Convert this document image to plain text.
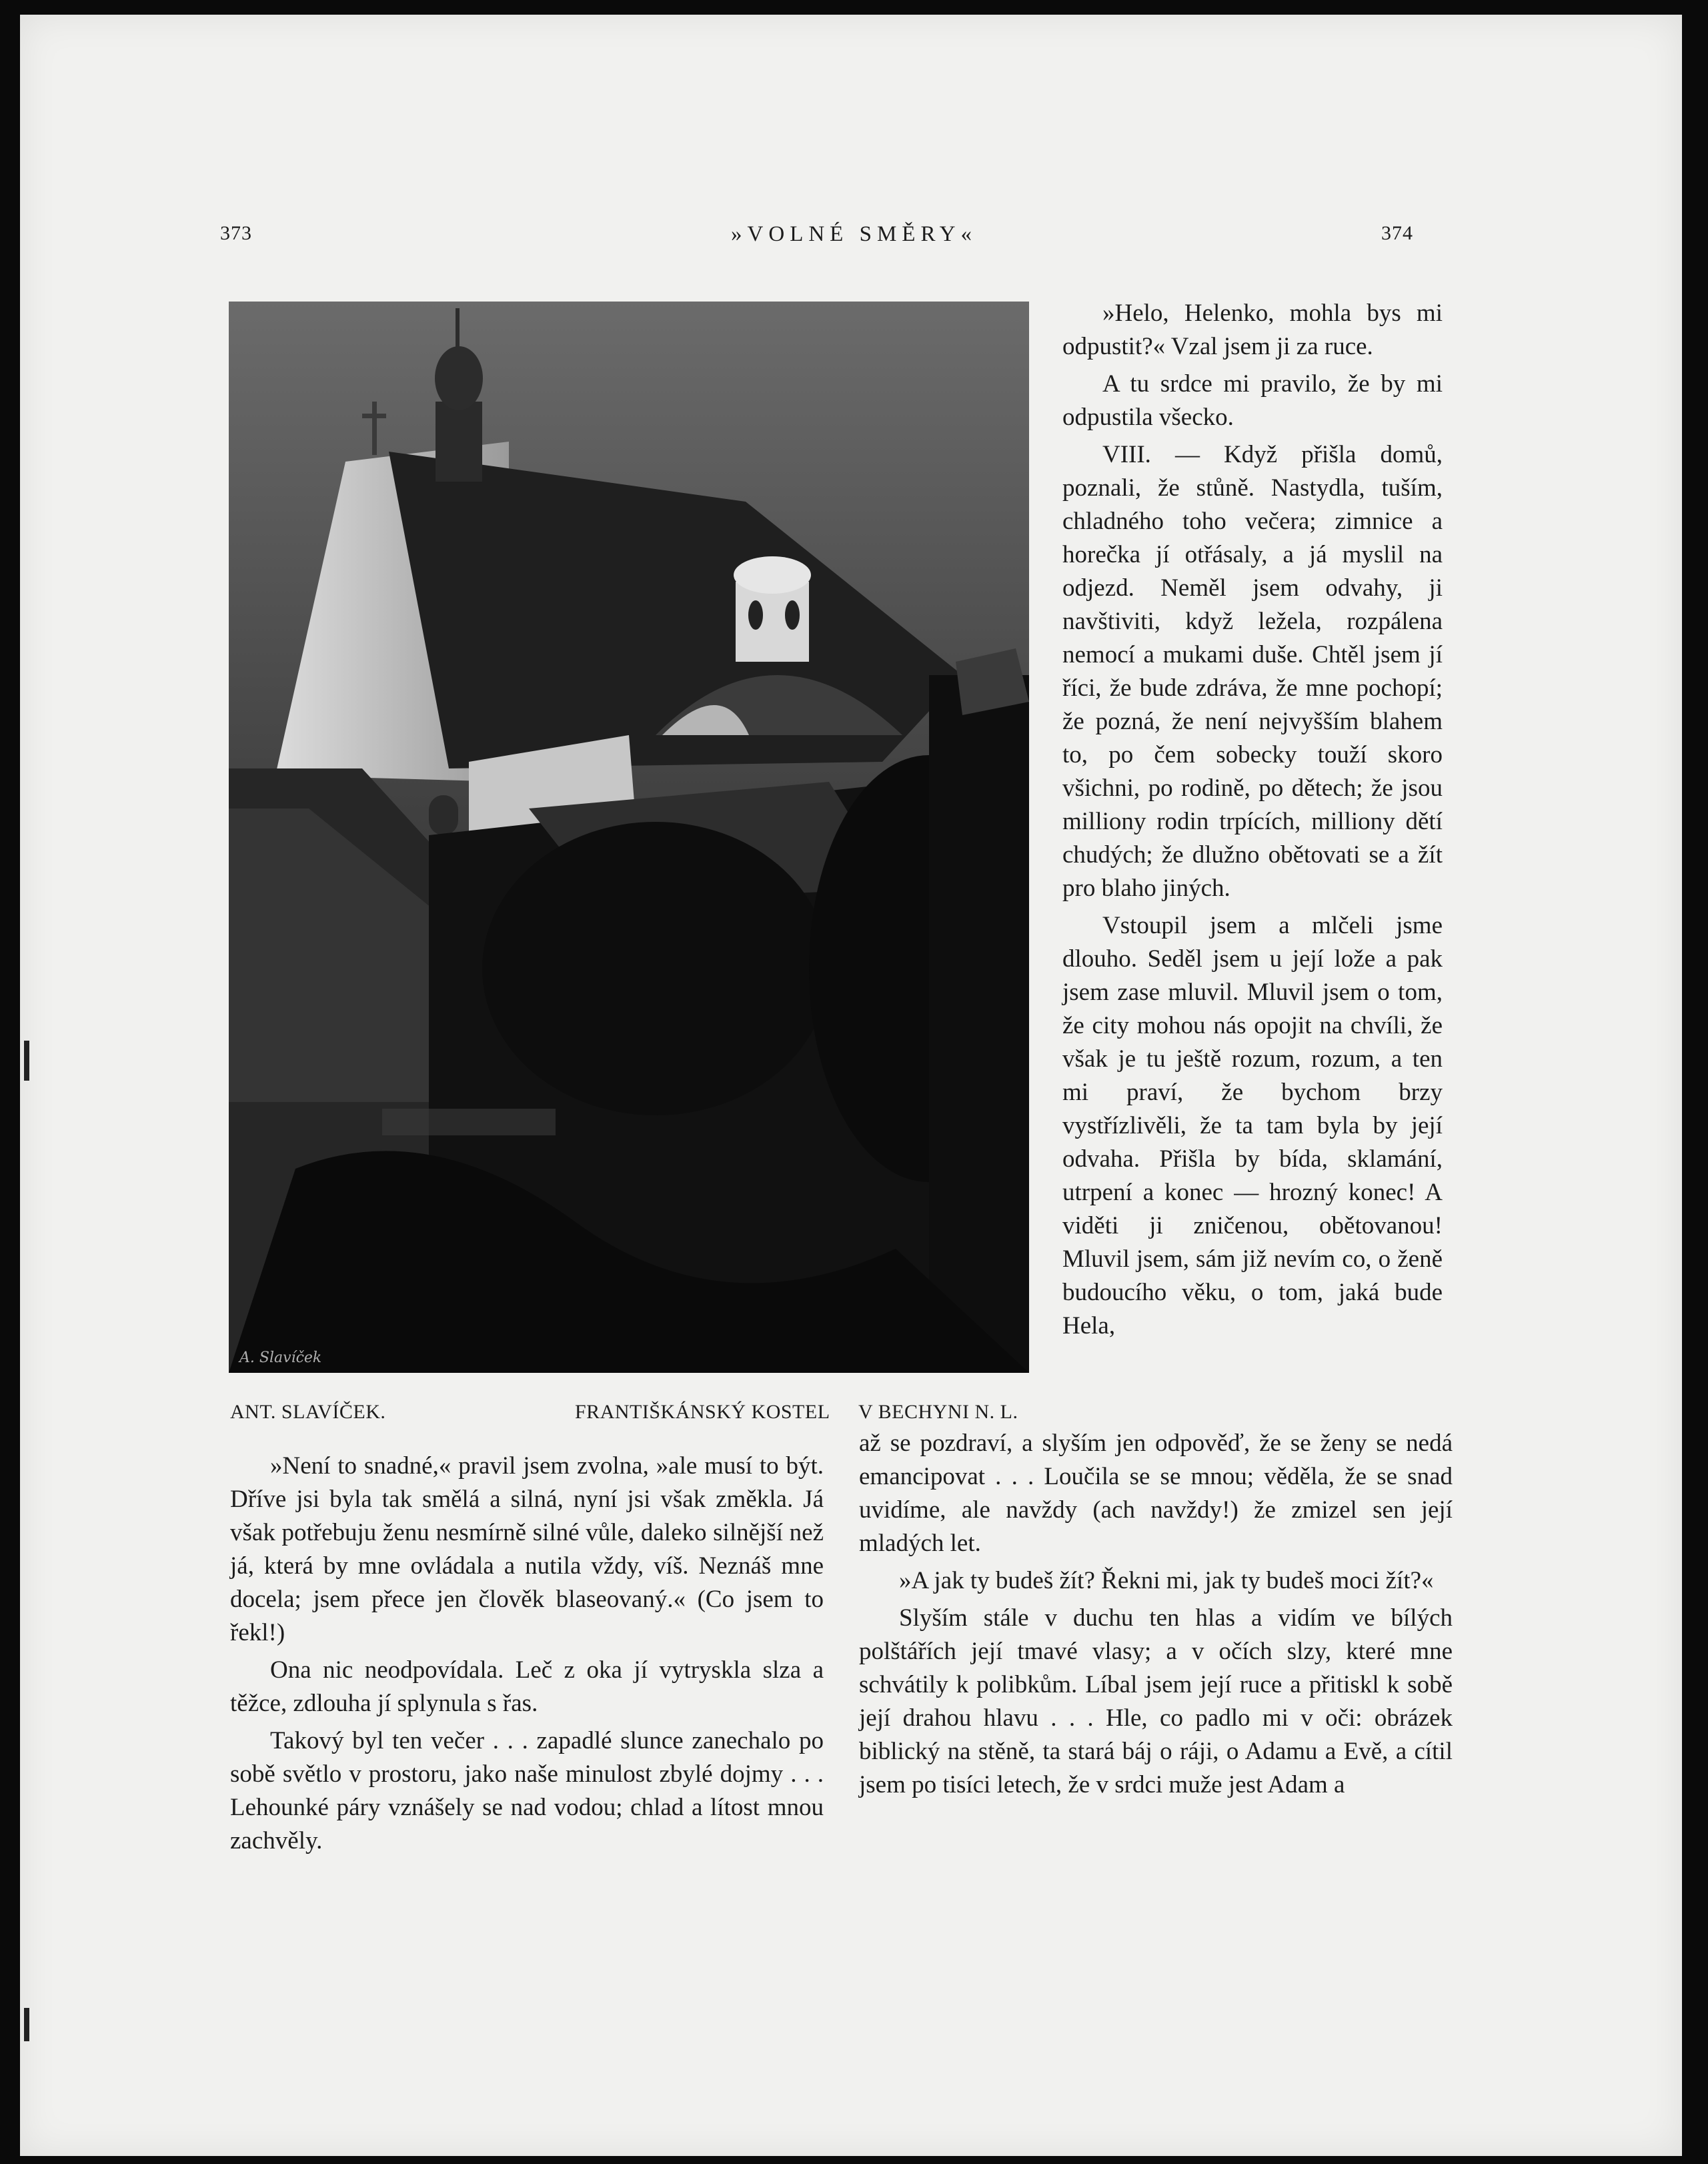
»VOLNÉ SMĚRY«
373	374
A. Slavíček
ANT. SLAVÍČEK.	FRANTIŠKÁNSKÝ KOSTEL V BECHYNI N. L.

»Helo, Helenko, mohla bys mi odpustit?« Vzal jsem ji za ruce.

A tu srdce mi pravilo, že by mi odpustila všecko.

VIII. — Když přišla domů, poznali, že stůně. Nastydla, tuším, chladného toho večera; zimnice a horečka jí otřásaly, a já myslil na odjezd. Neměl jsem odvahy, ji navštiviti, když ležela, rozpálena nemocí a mukami duše. Chtěl jsem jí říci, že bude zdráva, že mne pochopí; že pozná, že není nejvyšším blahem to, po čem sobecky touží skoro všichni, po rodině, po dětech; že jsou milliony rodin trpících, milliony dětí chudých; že dlužno obětovati se a žít pro blaho jiných.

Vstoupil jsem a mlčeli jsme dlouho. Seděl jsem u její lože a pak jsem zase mluvil. Mluvil jsem o tom, že city mohou nás opojit na chvíli, že však je tu ještě rozum, rozum, a ten mi praví, že bychom brzy vystřízlivěli, že ta tam byla by její odvaha. Přišla by bída, sklamání, utrpení a konec — hrozný konec! A viděti ji zničenou, obětovanou! Mluvil jsem, sám již nevím co, o ženě budoucího věku, o tom, jaká bude Hela,

»Není to snadné,« pravil jsem zvolna, »ale musí to být. Dříve jsi byla tak smělá a silná, nyní jsi však změkla. Já však potřebuju ženu nesmírně silné vůle, daleko silnější než já, která by mne ovládala a nutila vždy, víš. Neznáš mne docela; jsem přece jen člověk blaseovaný.« (Co jsem to řekl!)

Ona nic neodpovídala. Leč z oka jí vytryskla slza a těžce, zdlouha jí splynula s řas.

Takový byl ten večer . . . zapadlé slunce zanechalo po sobě světlo v prostoru, jako naše minulost zbylé dojmy . . . Lehounké páry vznášely se nad vodou; chlad a lítost mnou zachvěly.

až se pozdraví, a slyším jen odpověď, že se ženy se nedá emancipovat . . . Loučila se se mnou; věděla, že se snad uvidíme, ale navždy (ach navždy!) že zmizel sen její mladých let.

»A jak ty budeš žít? Řekni mi, jak ty budeš moci žít?«

Slyším stále v duchu ten hlas a vidím ve bílých polštářích její tmavé vlasy; a v očích slzy, které mne schvátily k polibkům. Líbal jsem její ruce a přitiskl k sobě její drahou hlavu . . . Hle, co padlo mi v oči: obrázek biblický na stěně, ta stará báj o ráji, o Adamu a Evě, a cítil jsem po tisíci letech, že v srdci muže jest Adam a
